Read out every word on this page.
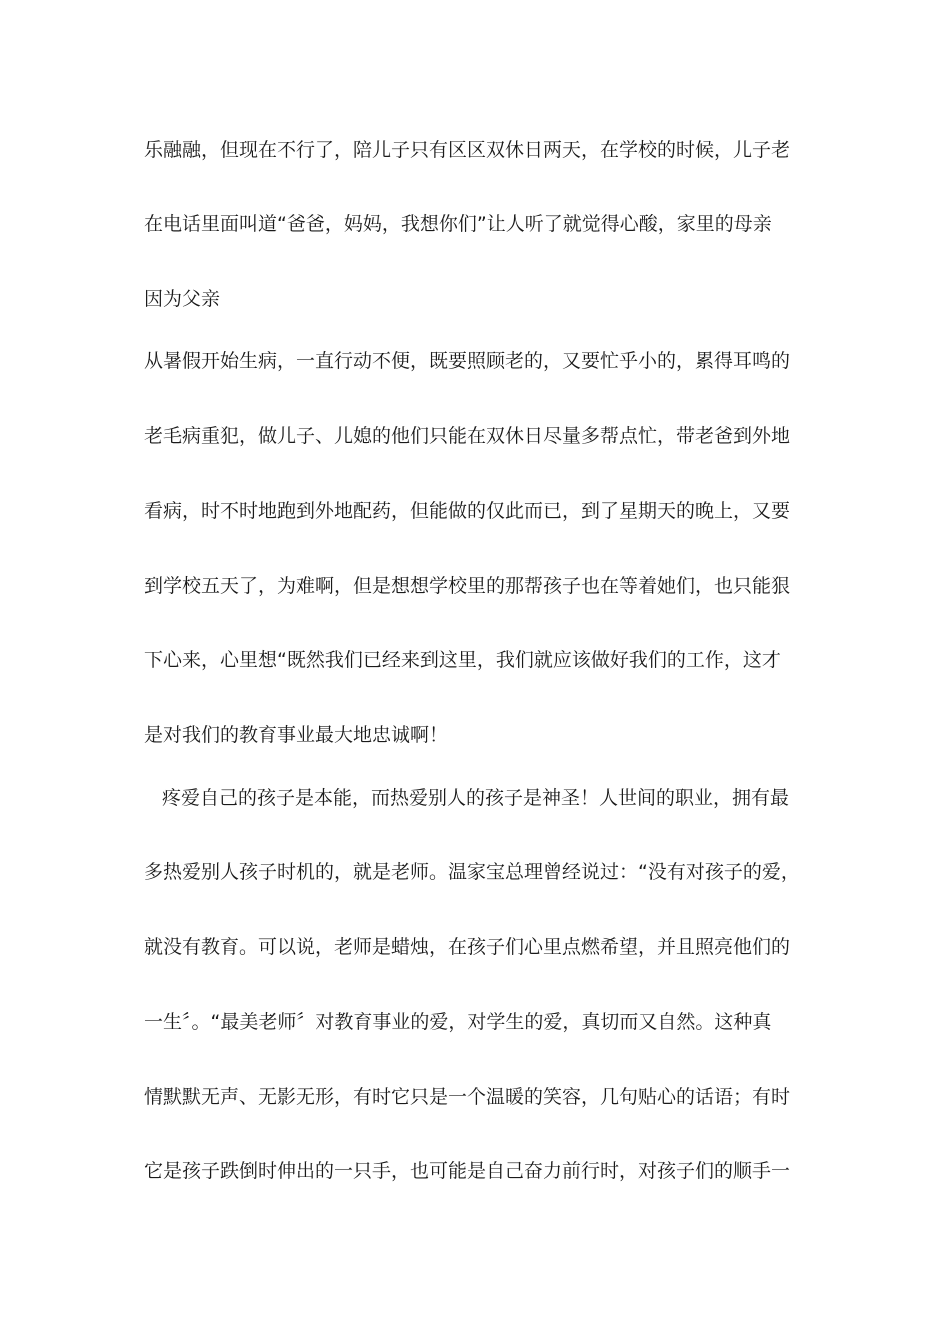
乐融融，但现在不行了，陪儿子只有区区双休日两天，在学校的时候，儿子老
在电话里面叫道“爸爸，妈妈，我想你们”让人听了就觉得心酸，家里的母亲
因为父亲
从暑假开始生病，一直行动不便，既要照顾老的，又要忙乎小的，累得耳鸣的
老毛病重犯，做儿子、儿媳的他们只能在双休日尽量多帮点忙，带老爸到外地
看病，时不时地跑到外地配药，但能做的仅此而已，到了星期天的晚上，又要
到学校五天了，为难啊，但是想想学校里的那帮孩子也在等着她们，也只能狠
下心来，心里想“既然我们已经来到这里，我们就应该做好我们的工作，这才
是对我们的教育事业最大地忠诚啊！
疼爱自己的孩子是本能，而热爱别人的孩子是神圣！人世间的职业，拥有最
多热爱别人孩子时机的，就是老师。温家宝总理曾经说过：“没有对孩子的爱，
就没有教育。可以说，老师是蜡烛，在孩子们心里点燃希望，并且照亮他们的
一生〞。“最美老师〞对教育事业的爱，对学生的爱，真切而又自然。这种真
情默默无声、无影无形，有时它只是一个温暖的笑容，几句贴心的话语；有时
它是孩子跌倒时伸出的一只手，也可能是自己奋力前行时，对孩子们的顺手一
